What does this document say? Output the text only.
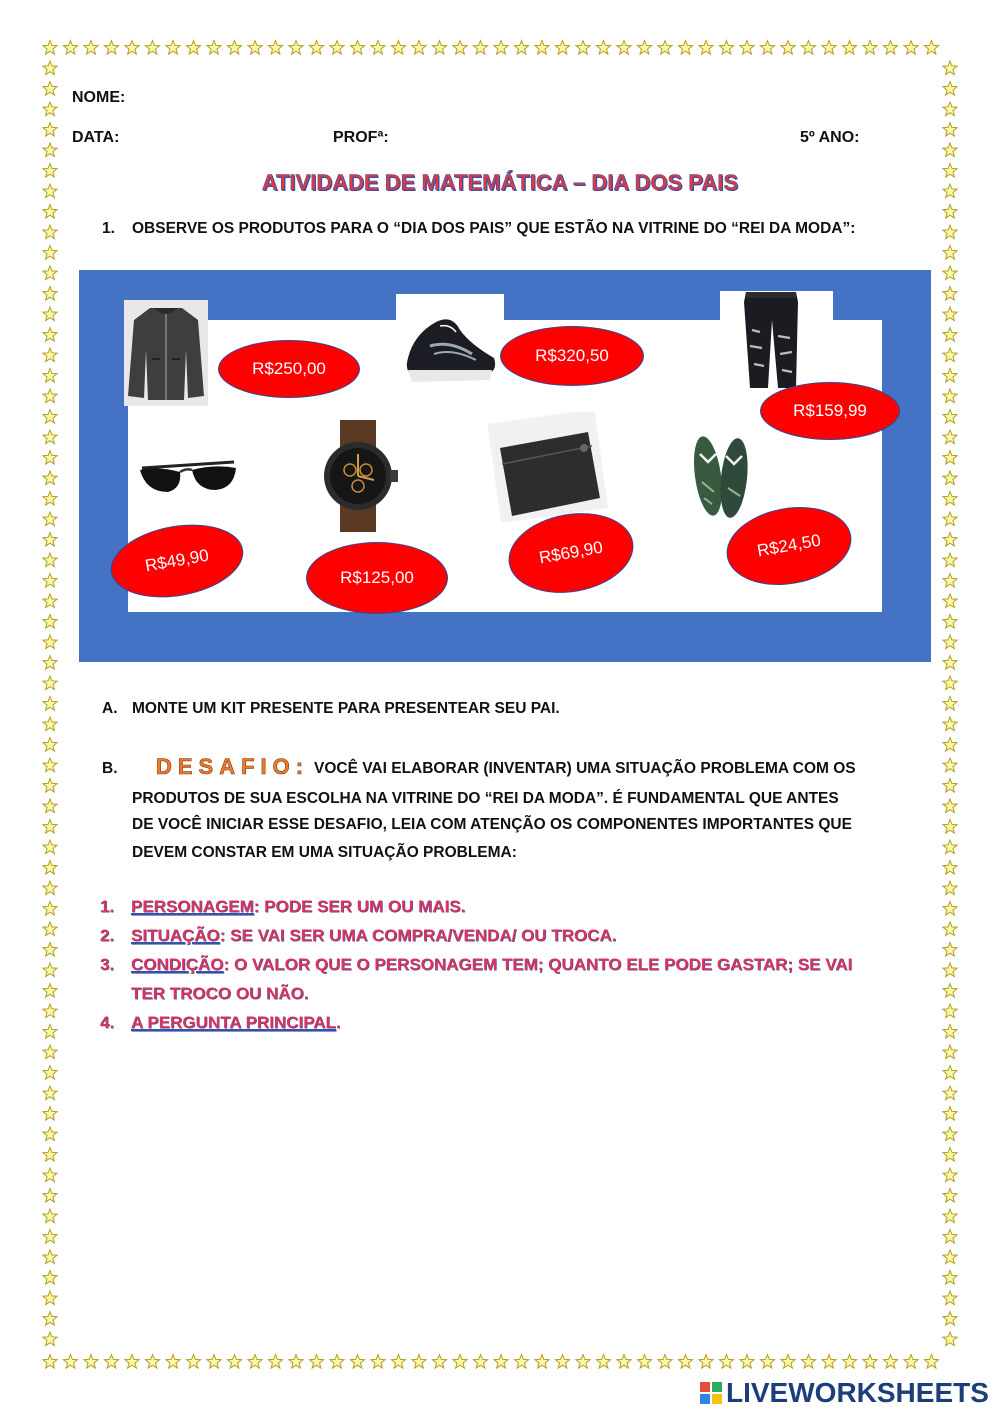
NOME:
DATA:	PROFª:	5º ANO:
ATIVIDADE DE MATEMÁTICA – DIA DOS PAIS
1. OBSERVE OS PRODUTOS PARA O “DIA DOS PAIS” QUE ESTÃO NA VITRINE DO “REI DA MODA”:
R$250,00
R$320,50
R$159,99
R$49,90
R$125,00
R$69,90	R$24,50
A. MONTE UM KIT PRESENTE PARA PRESENTEAR SEU PAI.
B. DESAFIO: VOCÊ VAI ELABORAR (INVENTAR) UMA SITUAÇÃO PROBLEMA COM OS
PRODUTOS DE SUA ESCOLHA NA VITRINE DO “REI DA MODA”. É FUNDAMENTAL QUE ANTES
DE VOCÊ INICIAR ESSE DESAFIO, LEIA COM ATENÇÃO OS COMPONENTES IMPORTANTES QUE
DEVEM CONSTAR EM UMA SITUAÇÃO PROBLEMA:
1. PERSONAGEM: PODE SER UM OU MAIS.
2. SITUAÇÃO: SE VAI SER UMA COMPRA/VENDA/ OU TROCA.
3. CONDIÇÃO: O VALOR QUE O PERSONAGEM TEM; QUANTO ELE PODE GASTAR; SE VAI
TER TROCO OU NÃO.
4. A PERGUNTA PRINCIPAL.
LIVEWORKSHEETS
